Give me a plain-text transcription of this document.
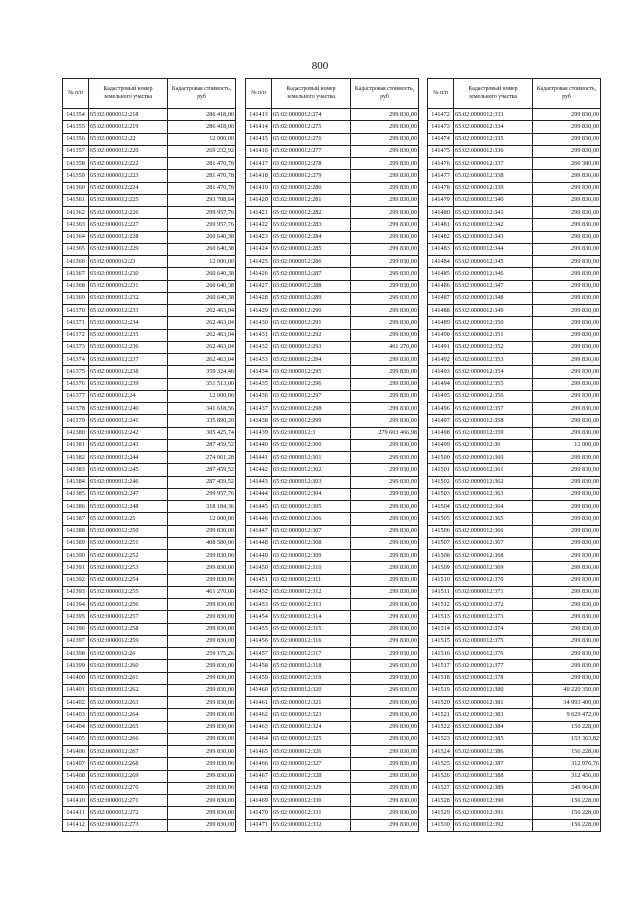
800
№ п/п	Кадастровый номер земельного участка	Кадастровая стоимость, руб
141354	65:02:0000012:218	286 418,00
141355	65:02:0000012:219	286 418,00
141356	65:02:0000012:22	12 000,00
141357	65:02:0000012:220	269 232,92
141358	65:02:0000012:222	281 470,78
141359	65:02:0000012:223	281 470,78
141360	65:02:0000012:224	281 470,78
141361	65:02:0000012:225	293 708,64
141362	65:02:0000012:226	299 957,76
141363	65:02:0000012:227	299 957,76
141364	65:02:0000012:228	260 640,38
141365	65:02:0000012:229	260 640,38
141366	65:02:0000012:23	12 000,00
141367	65:02:0000012:230	260 640,38
141368	65:02:0000012:231	260 640,38
141369	65:02:0000012:232	260 640,38
141370	65:02:0000012:233	262 463,04
141371	65:02:0000012:234	262 463,04
141372	65:02:0000012:235	262 463,04
141373	65:02:0000012:236	262 463,04
141374	65:02:0000012:237	262 463,04
141375	65:02:0000012:238	359 324,40
141376	65:02:0000012:239	351 513,00
141377	65:02:0000012:24	12 000,00
141378	65:02:0000012:240	341 618,56
141379	65:02:0000012:241	335 890,20
141380	65:02:0000012:242	305 425,74
141381	65:02:0000012:243	287 459,52
141382	65:02:0000012:244	274 961,28
141383	65:02:0000012:245	287 459,52
141384	65:02:0000012:246	287 459,52
141385	65:02:0000012:247	299 957,76
141386	65:02:0000012:248	318 184,36
141387	65:02:0000012:25	12 000,00
141388	65:02:0000012:250	299 830,00
141389	65:02:0000012:251	408 580,00
141390	65:02:0000012:252	299 830,00
141391	65:02:0000012:253	299 830,00
141392	65:02:0000012:254	299 830,00
141393	65:02:0000012:255	461 270,00
141394	65:02:0000012:256	299 830,00
141395	65:02:0000012:257	299 830,00
141396	65:02:0000012:258	299 830,00
141397	65:02:0000012:259	299 830,00
141398	65:02:0000012:26	259 175,26
141399	65:02:0000012:260	299 830,00
141400	65:02:0000012:261	299 830,00
141401	65:02:0000012:262	299 830,00
141402	65:02:0000012:263	299 830,00
141403	65:02:0000012:264	299 830,00
141404	65:02:0000012:265	299 830,00
141405	65:02:0000012:266	299 830,00
141406	65:02:0000012:267	299 830,00
141407	65:02:0000012:268	299 830,00
141408	65:02:0000012:269	299 830,00
141409	65:02:0000012:270	299 830,00
141410	65:02:0000012:271	299 830,00
141411	65:02:0000012:272	299 830,00
141412	65:02:0000012:273	299 830,00
№ п/п	Кадастровый номер земельного участка	Кадастровая стоимость, руб
141413	65:02:0000012:274	299 830,00
141414	65:02:0000012:275	299 830,00
141415	65:02:0000012:276	299 830,00
141416	65:02:0000012:277	299 830,00
141417	65:02:0000012:278	299 830,00
141418	65:02:0000012:279	299 830,00
141419	65:02:0000012:280	299 830,00
141420	65:02:0000012:281	299 830,00
141421	65:02:0000012:282	299 830,00
141422	65:02:0000012:283	299 830,00
141423	65:02:0000012:284	299 830,00
141424	65:02:0000012:285	299 830,00
141425	65:02:0000012:286	299 830,00
141426	65:02:0000012:287	299 830,00
141427	65:02:0000012:288	299 830,00
141428	65:02:0000012:289	299 830,00
141429	65:02:0000012:290	299 830,00
141430	65:02:0000012:291	299 830,00
141431	65:02:0000012:292	299 830,00
141432	65:02:0000012:293	461 270,00
141433	65:02:0000012:294	299 830,00
141434	65:02:0000012:295	299 830,00
141435	65:02:0000012:296	299 830,00
141436	65:02:0000012:297	299 830,00
141437	65:02:0000012:298	299 830,00
141438	65:02:0000012:299	299 830,00
141439	65:02:0000012:3	279 603 466,98
141440	65:02:0000012:300	299 830,00
141441	65:02:0000012:301	299 830,00
141442	65:02:0000012:302	299 830,00
141443	65:02:0000012:303	299 830,00
141444	65:02:0000012:304	299 830,00
141445	65:02:0000012:305	299 830,00
141446	65:02:0000012:306	299 830,00
141447	65:02:0000012:307	299 830,00
141448	65:02:0000012:308	299 830,00
141449	65:02:0000012:309	299 830,00
141450	65:02:0000012:310	299 830,00
141451	65:02:0000012:311	299 830,00
141452	65:02:0000012:312	299 830,00
141453	65:02:0000012:313	299 830,00
141454	65:02:0000012:314	299 830,00
141455	65:02:0000012:315	299 830,00
141456	65:02:0000012:316	299 830,00
141457	65:02:0000012:317	299 830,00
141458	65:02:0000012:318	299 830,00
141459	65:02:0000012:319	299 830,00
141460	65:02:0000012:320	299 830,00
141461	65:02:0000012:321	299 830,00
141462	65:02:0000012:323	299 830,00
141463	65:02:0000012:324	299 830,00
141464	65:02:0000012:325	299 830,00
141465	65:02:0000012:326	299 830,00
141466	65:02:0000012:327	299 830,00
141467	65:02:0000012:328	299 830,00
141468	65:02:0000012:329	299 830,00
141469	65:02:0000012:330	299 830,00
141470	65:02:0000012:331	299 830,00
141471	65:02:0000012:332	299 830,00
№ п/п	Кадастровый номер земельного участка	Кадастровая стоимость, руб
141472	65:02:0000012:333	299 830,00
141473	65:02:0000012:334	299 830,00
141474	65:02:0000012:335	299 830,00
141475	65:02:0000012:336	299 830,00
141476	65:02:0000012:337	260 380,00
141477	65:02:0000012:338	299 830,00
141478	65:02:0000012:339	299 830,00
141479	65:02:0000012:340	299 830,00
141480	65:02:0000012:341	299 830,00
141481	65:02:0000012:342	299 830,00
141482	65:02:0000012:343	299 830,00
141483	65:02:0000012:344	299 830,00
141484	65:02:0000012:345	299 830,00
141485	65:02:0000012:346	299 830,00
141486	65:02:0000012:347	299 830,00
141487	65:02:0000012:348	299 830,00
141488	65:02:0000012:349	299 830,00
141489	65:02:0000012:350	299 830,00
141490	65:02:0000012:351	299 830,00
141491	65:02:0000012:352	299 830,00
141492	65:02:0000012:353	299 830,00
141493	65:02:0000012:354	299 830,00
141494	65:02:0000012:355	299 830,00
141495	65:02:0000012:356	299 830,00
141496	65:02:0000012:357	299 830,00
141497	65:02:0000012:358	299 830,00
141498	65:02:0000012:359	299 830,00
141499	65:02:0000012:36	12 000,00
141500	65:02:0000012:360	299 830,00
141501	65:02:0000012:361	299 830,00
141502	65:02:0000012:362	299 830,00
141503	65:02:0000012:363	299 830,00
141504	65:02:0000012:364	299 830,00
141505	65:02:0000012:365	299 830,00
141506	65:02:0000012:366	299 830,00
141507	65:02:0000012:367	299 830,00
141508	65:02:0000012:368	299 830,00
141509	65:02:0000012:369	299 830,00
141510	65:02:0000012:370	299 830,00
141511	65:02:0000012:371	299 830,00
141512	65:02:0000012:372	299 830,00
141513	65:02:0000012:373	299 830,00
141514	65:02:0000012:374	299 830,00
141515	65:02:0000012:375	299 830,00
141516	65:02:0000012:376	299 830,00
141517	65:02:0000012:377	299 830,00
141518	65:02:0000012:378	299 830,00
141519	65:02:0000012:380	40 220 350,00
141520	65:02:0000012:381	34 993 400,00
141521	65:02:0000012:383	9 629 472,00
141522	65:02:0000012:384	156 228,00
141523	65:02:0000012:385	153 363,82
141524	65:02:0000012:386	156 228,00
141525	65:02:0000012:387	312 976,76
141526	65:02:0000012:388	312 456,00
141527	65:02:0000012:389	249 964,80
141528	65:02:0000012:390	156 228,00
141529	65:02:0000012:391	156 228,00
141530	65:02:0000012:392	156 228,00
